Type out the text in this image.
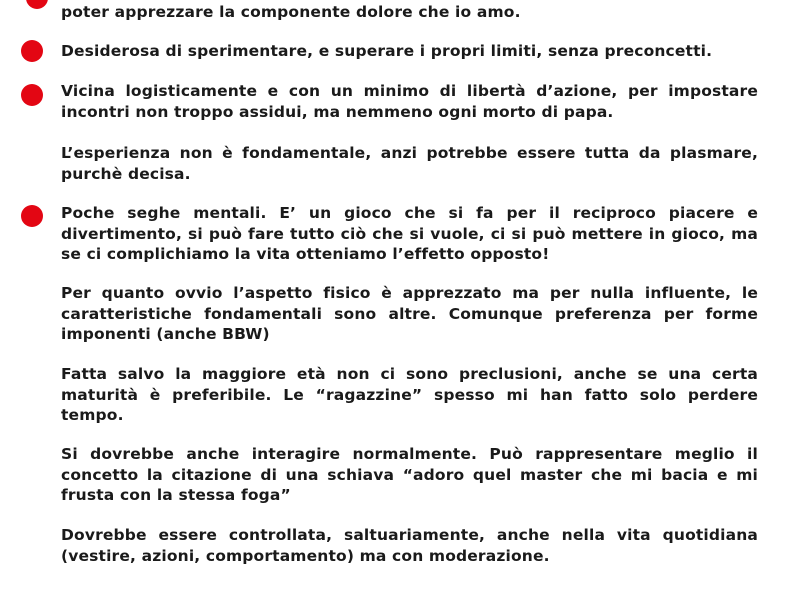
poter apprezzare la componente dolore che io amo.

Desiderosa di sperimentare, e superare i propri limiti, senza preconcetti.

Vicina logisticamente e con un minimo di libertà d’azione, per impostare incontri non troppo assidui, ma nemmeno ogni morto di papa.

L’esperienza non è fondamentale, anzi potrebbe essere tutta da plasmare, purchè decisa.

Poche seghe mentali. E’ un gioco che si fa per il reciproco piacere e divertimento, si può fare tutto ciò che si vuole, ci si può mettere in gioco, ma se ci complichiamo la vita otteniamo l’effetto opposto!

Per quanto ovvio l’aspetto fisico è apprezzato ma per nulla influente, le caratteristiche fondamentali sono altre. Comunque preferenza per forme imponenti (anche BBW)

Fatta salvo la maggiore età non ci sono preclusioni, anche se una certa maturità è preferibile. Le “ragazzine” spesso mi han fatto solo perdere tempo.

Si dovrebbe anche interagire normalmente. Può rappresentare meglio il concetto la citazione di una schiava “adoro quel master che mi bacia e mi frusta con la stessa foga”

Dovrebbe essere controllata, saltuariamente, anche nella vita quotidiana (vestire, azioni, comportamento) ma con moderazione.
